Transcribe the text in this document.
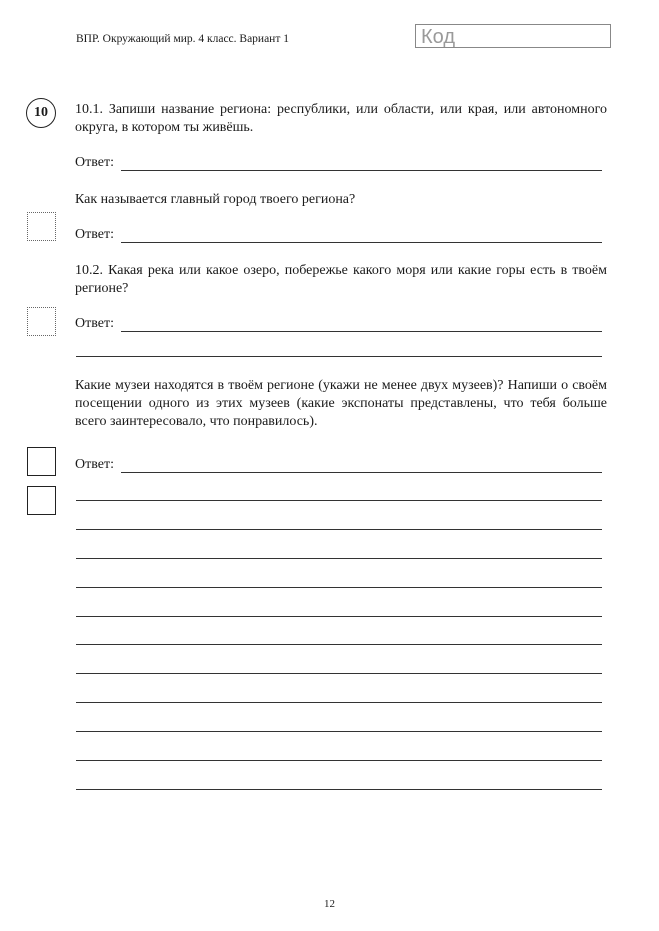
ВПР. Окружающий мир. 4 класс. Вариант 1	Код
10	10.1. Запиши название региона: республики, или области, или края, или автономного округа, в котором ты живёшь.
Ответ:
Как называется главный город твоего региона?
Ответ:
10.2. Какая река или какое озеро, побережье какого моря или какие горы есть в твоём регионе?
Ответ:
Какие музеи находятся в твоём регионе (укажи не менее двух музеев)? Напиши о своём посещении одного из этих музеев (какие экспонаты представлены, что тебя больше всего заинтересовало, что понравилось).
Ответ:
12
